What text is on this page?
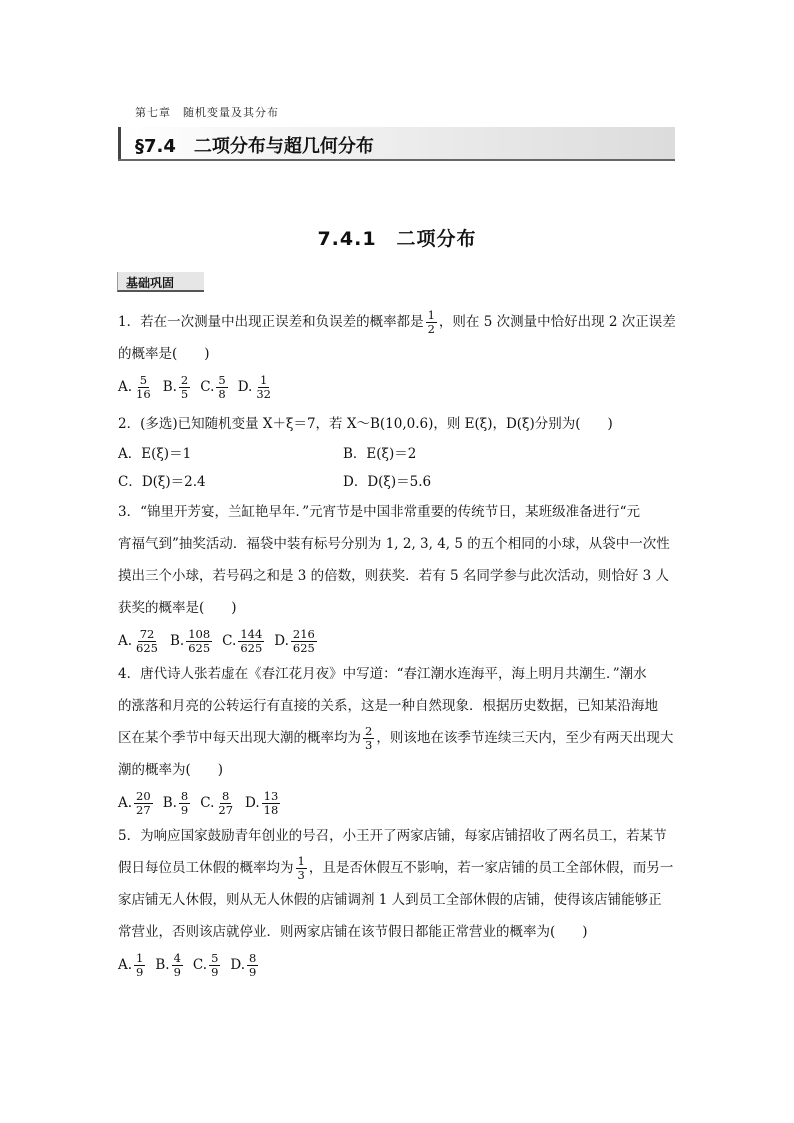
第七章　随机变量及其分布
§7.4　二项分布与超几何分布
7.4.1　二项分布
基础巩固

1．若在一次测量中出现正误差和负误差的概率都是 $\frac{1}{2}$ ，则在 5 次测量中恰好出现 2 次正误差

的概率是(　　)

A. $\frac{5}{16} B$. $\frac{2}{5} C$. $\frac{5}{8} D$. $\frac{1}{32}$

2．(多选)已知随机变量 X＋ξ＝7，若 X～B(10,0.6)，则 E(ξ)，D(ξ)分别为(　　)

A．E(ξ)＝1	B．E(ξ)＝2
C．D(ξ)＝2.4	D．D(ξ)＝5.6

3．“锦里开芳宴，兰缸艳早年．”元宵节是中国非常重要的传统节日，某班级准备进行“元

宵福气到”抽奖活动．福袋中装有标号分别为 1, 2, 3, 4, 5 的五个相同的小球，从袋中一次性

摸出三个小球，若号码之和是 3 的倍数，则获奖．若有 5 名同学参与此次活动，则恰好 3 人

获奖的概率是(　　)

A. $\frac{72}{625} B$. $\frac{108}{625} C$. $\frac{144}{625} D$. $\frac{216}{625}$

4．唐代诗人张若虚在《春江花月夜》中写道：“春江潮水连海平，海上明月共潮生．”潮水

的涨落和月亮的公转运行有直接的关系，这是一种自然现象．根据历史数据，已知某沿海地

区在某个季节中每天出现大潮的概率均为 $\frac{2}{3}$ ，则该地在该季节连续三天内，至少有两天出现大

潮的概率为(　　)

A. $\frac{20}{27} B$. $\frac{8}{9} C$. $\frac{8}{27} D$. $\frac{13}{18}$

5．为响应国家鼓励青年创业的号召，小王开了两家店铺，每家店铺招收了两名员工，若某节

假日每位员工休假的概率均为 $\frac{1}{3}$ ，且是否休假互不影响，若一家店铺的员工全部休假，而另一

家店铺无人休假，则从无人休假的店铺调剂 1 人到员工全部休假的店铺，使得该店铺能够正

常营业，否则该店就停业．则两家店铺在该节假日都能正常营业的概率为(　　)

A. $\frac{1}{9} B$. $\frac{4}{9} C$. $\frac{5}{9} D$. $\frac{8}{9}$
